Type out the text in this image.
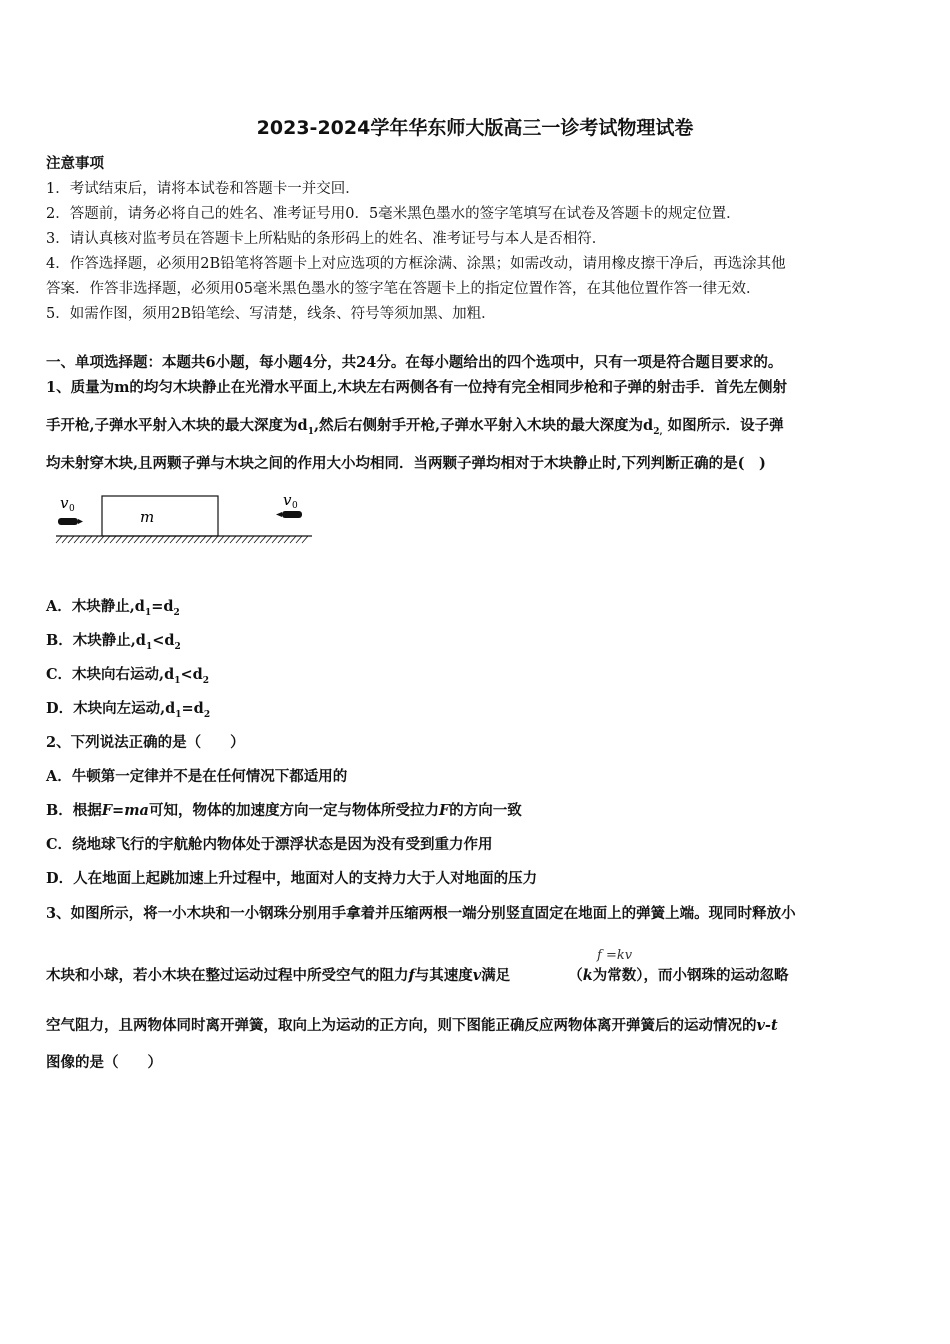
2023-2024学年华东师大版高三一诊考试物理试卷
注意事项
1．考试结束后，请将本试卷和答题卡一并交回．
2．答题前，请务必将自己的姓名、准考证号用0．5毫米黑色墨水的签字笔填写在试卷及答题卡的规定位置．
3．请认真核对监考员在答题卡上所粘贴的条形码上的姓名、准考证号与本人是否相符．
4．作答选择题，必须用2B铅笔将答题卡上对应选项的方框涂满、涂黑；如需改动，请用橡皮擦干净后，再选涂其他
答案．作答非选择题，必须用05毫米黑色墨水的签字笔在答题卡上的指定位置作答，在其他位置作答一律无效．
5．如需作图，须用2B铅笔绘、写清楚，线条、符号等须加黑、加粗．
一、单项选择题：本题共6小题，每小题4分，共24分。在每小题给出的四个选项中，只有一项是符合题目要求的。
1、质量为m的均匀木块静止在光滑水平面上,木块左右两侧各有一位持有完全相同步枪和子弹的射击手．首先左侧射
手开枪,子弹水平射入木块的最大深度为$d_1$,然后右侧射手开枪,子弹水平射入木块的最大深度为$d_{2,}$ 如图所示．设子弹
均未射穿木块,且两颗子弹与木块之间的作用大小均相同．当两颗子弹均相对于木块静止时,下列判断正确的是(　)
v 0	m
v 0
A．木块静止$,d_1=d_2$
B．木块静止$,d_1<d_2$
C．木块向右运动$,d_1<d_2$
D．木块向左运动$,d_1=d_2$
2、下列说法正确的是（　　）
A．牛顿第一定律并不是在任何情况下都适用的
B．根据F=ma可知，物体的加速度方向一定与物体所受拉力F的方向一致
C．绕地球飞行的宇航舱内物体处于漂浮状态是因为没有受到重力作用
D．人在地面上起跳加速上升过程中，地面对人的支持力大于人对地面的压力
3、如图所示，将一小木块和一小钢珠分别用手拿着并压缩两根一端分别竖直固定在地面上的弹簧上端。现同时释放小
f =kv
木块和小球，若小木块在整过运动过程中所受空气的阻力f与其速度v满足	（k为常数），而小钢珠的运动忽略
空气阻力，且两物体同时离开弹簧，取向上为运动的正方向，则下图能正确反应两物体离开弹簧后的运动情况的v-t
图像的是（　　）
